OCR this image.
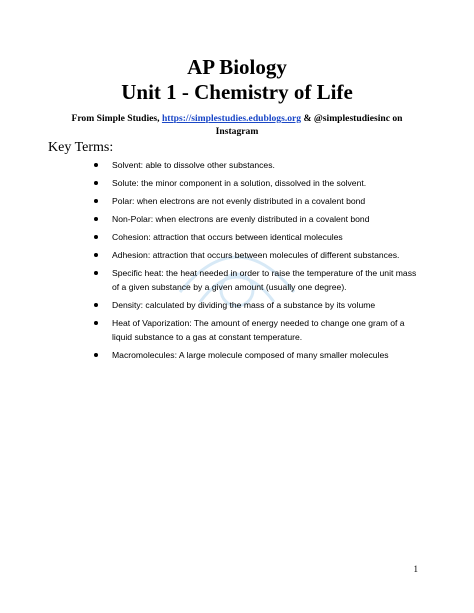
AP Biology
Unit 1 - Chemistry of Life

From Simple Studies, https://simplestudies.edublogs.org & @simplestudiesinc on Instagram

Key Terms:
Solvent: able to dissolve other substances.
Solute: the minor component in a solution, dissolved in the solvent.
Polar: when electrons are not evenly distributed in a covalent bond
Non-Polar: when electrons are evenly distributed in a covalent bond
Cohesion: attraction that occurs between identical molecules
Adhesion: attraction that occurs between molecules of different substances.
Specific heat: the heat needed in order to raise the temperature of the unit mass of a given substance by a given amount (usually one degree).
Density: calculated by dividing the mass of a substance by its volume
Heat of Vaporization: The amount of energy needed to change one gram of a liquid substance to a gas at constant temperature.
Macromolecules: A large molecule composed of many smaller molecules

1
